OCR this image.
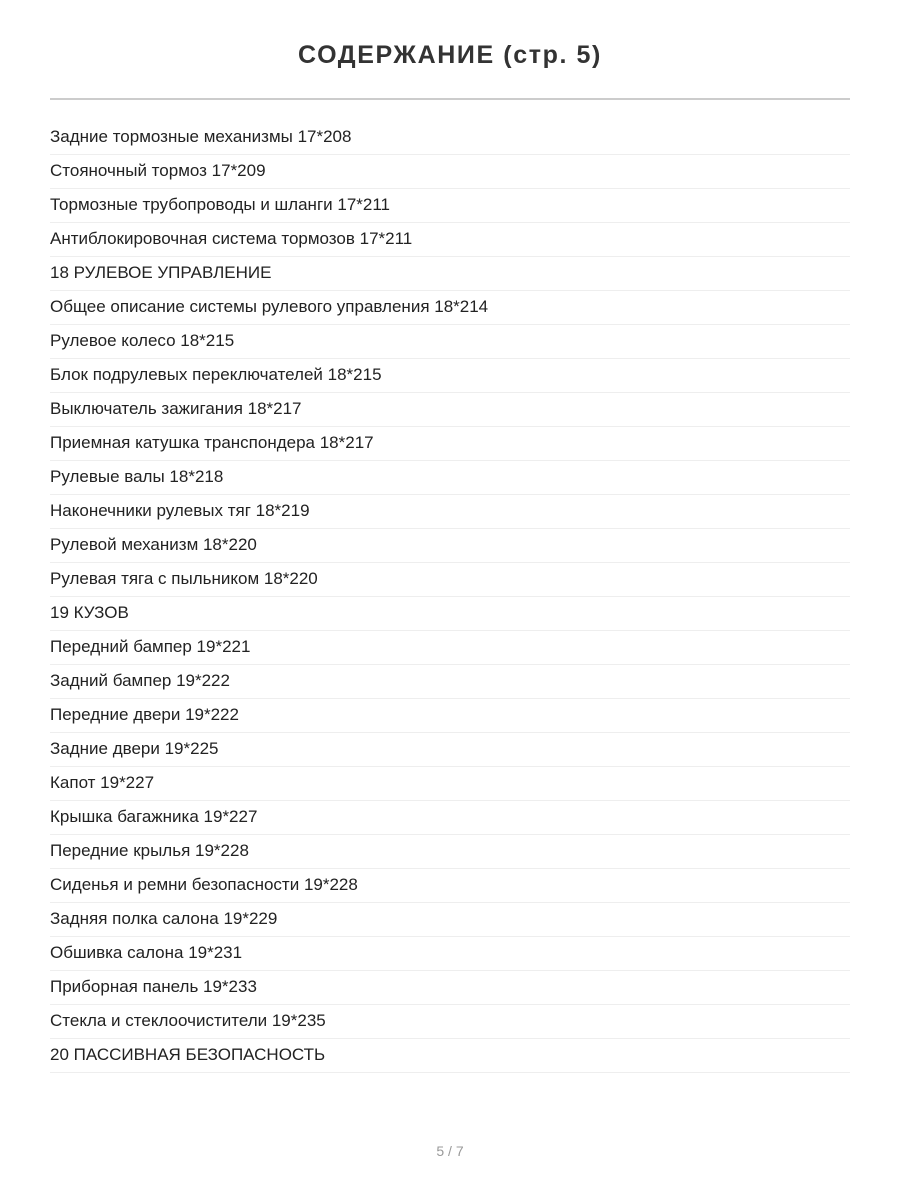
СОДЕРЖАНИЕ (стр. 5)
Задние тормозные механизмы 17*208
Стояночный тормоз 17*209
Тормозные трубопроводы и шланги 17*211
Антиблокировочная система тормозов 17*211
18 РУЛЕВОЕ УПРАВЛЕНИЕ
Общее описание системы рулевого управления 18*214
Рулевое колесо 18*215
Блок подрулевых переключателей 18*215
Выключатель зажигания 18*217
Приемная катушка транспондера 18*217
Рулевые валы 18*218
Наконечники рулевых тяг 18*219
Рулевой механизм 18*220
Рулевая тяга с пыльником 18*220
19 КУЗОВ
Передний бампер 19*221
Задний бампер 19*222
Передние двери 19*222
Задние двери 19*225
Капот 19*227
Крышка багажника 19*227
Передние крылья 19*228
Сиденья и ремни безопасности 19*228
Задняя полка салона 19*229
Обшивка салона 19*231
Приборная панель 19*233
Стекла и стеклоочистители 19*235
20 ПАССИВНАЯ БЕЗОПАСНОСТЬ
5 / 7
